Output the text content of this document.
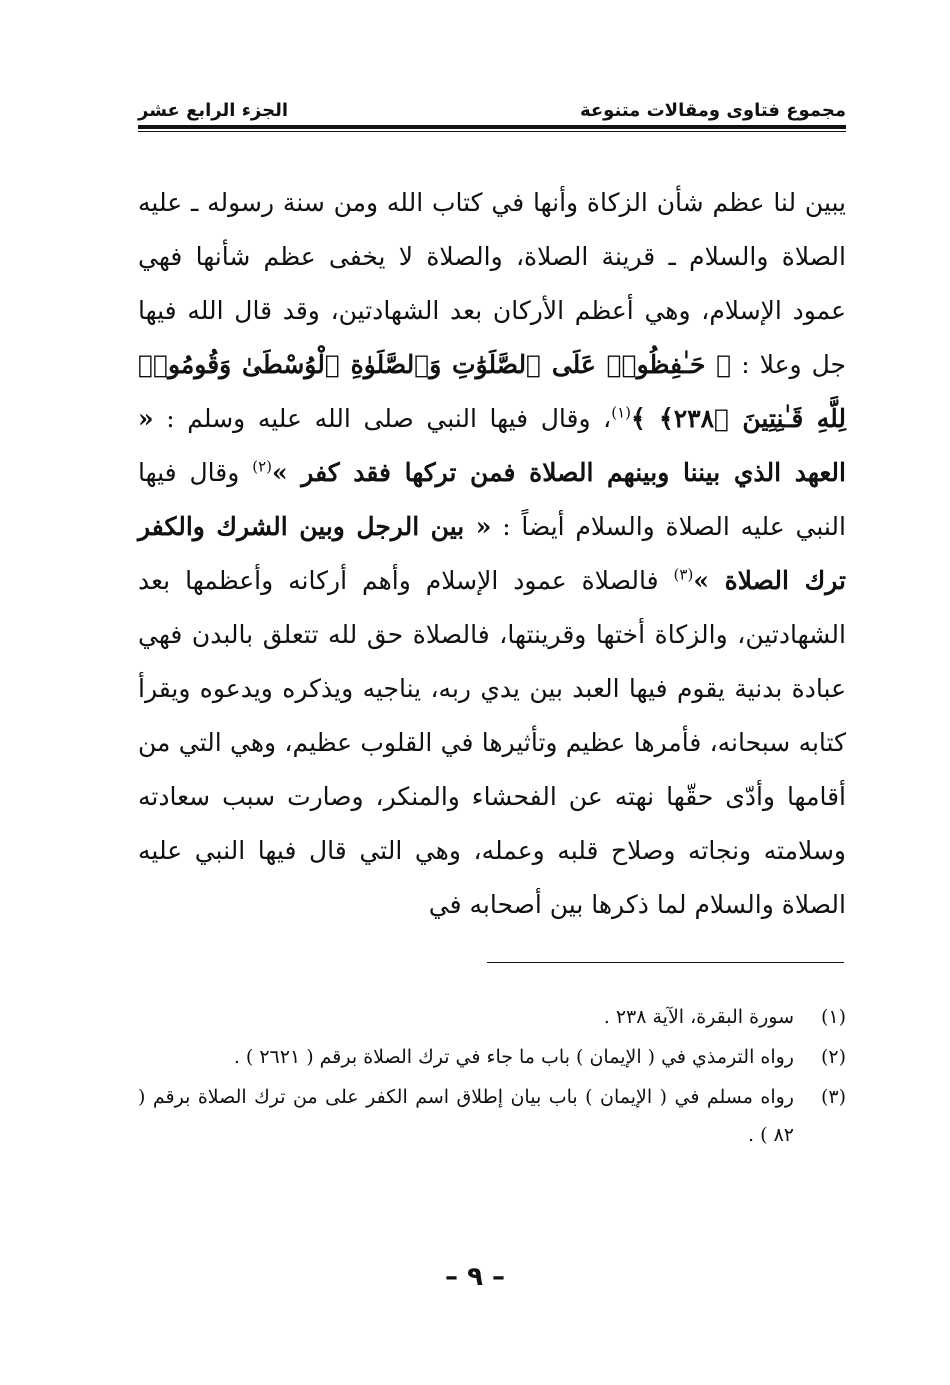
مجموع فتاوى ومقالات متنوعة
الجزء الرابع عشر

يبين لنا عظم شأن الزكاة وأنها في كتاب الله ومن سنة رسوله ـ عليه الصلاة والسلام ـ قرينة الصلاة، والصلاة لا يخفى عظم شأنها فهي عمود الإسلام، وهي أعظم الأركان بعد الشهادتين، وقد قال الله فيها جل وعلا : ﴿ حَـٰفِظُوا۟ عَلَى ٱلصَّلَوَٰتِ وَٱلصَّلَوٰةِ ٱلْوُسْطَىٰ وَقُومُوا۟ لِلَّهِ قَـٰنِتِينَ ﴿٢٣٨﴾ ﴾$^{(١)}$، وقال فيها النبي صلى الله عليه وسلم : « العهد الذي بيننا وبينهم الصلاة فمن تركها فقد كفر »$^{(٢)}$ وقال فيها النبي عليه الصلاة والسلام أيضاً : « بين الرجل وبين الشرك والكفر ترك الصلاة »$^{(٣)}$ فالصلاة عمود الإسلام وأهم أركانه وأعظمها بعد الشهادتين، والزكاة أختها وقرينتها، فالصلاة حق لله تتعلق بالبدن فهي عبادة بدنية يقوم فيها العبد بين يدي ربه، يناجيه ويذكره ويدعوه ويقرأ كتابه سبحانه، فأمرها عظيم وتأثيرها في القلوب عظيم، وهي التي من أقامها وأدّى حقّها نهته عن الفحشاء والمنكر، وصارت سبب سعادته وسلامته ونجاته وصلاح قلبه وعمله، وهي التي قال فيها النبي عليه الصلاة والسلام لما ذكرها بين أصحابه في

(١)
سورة البقرة، الآية ٢٣٨ .
(٢)
رواه الترمذي في ( الإيمان ) باب ما جاء في ترك الصلاة برقم ( ٢٦٢١ ) .
(٣)
رواه مسلم في ( الإيمان ) باب بيان إطلاق اسم الكفر على من ترك الصلاة برقم ( ٨٢ ) .
– ٩ –
